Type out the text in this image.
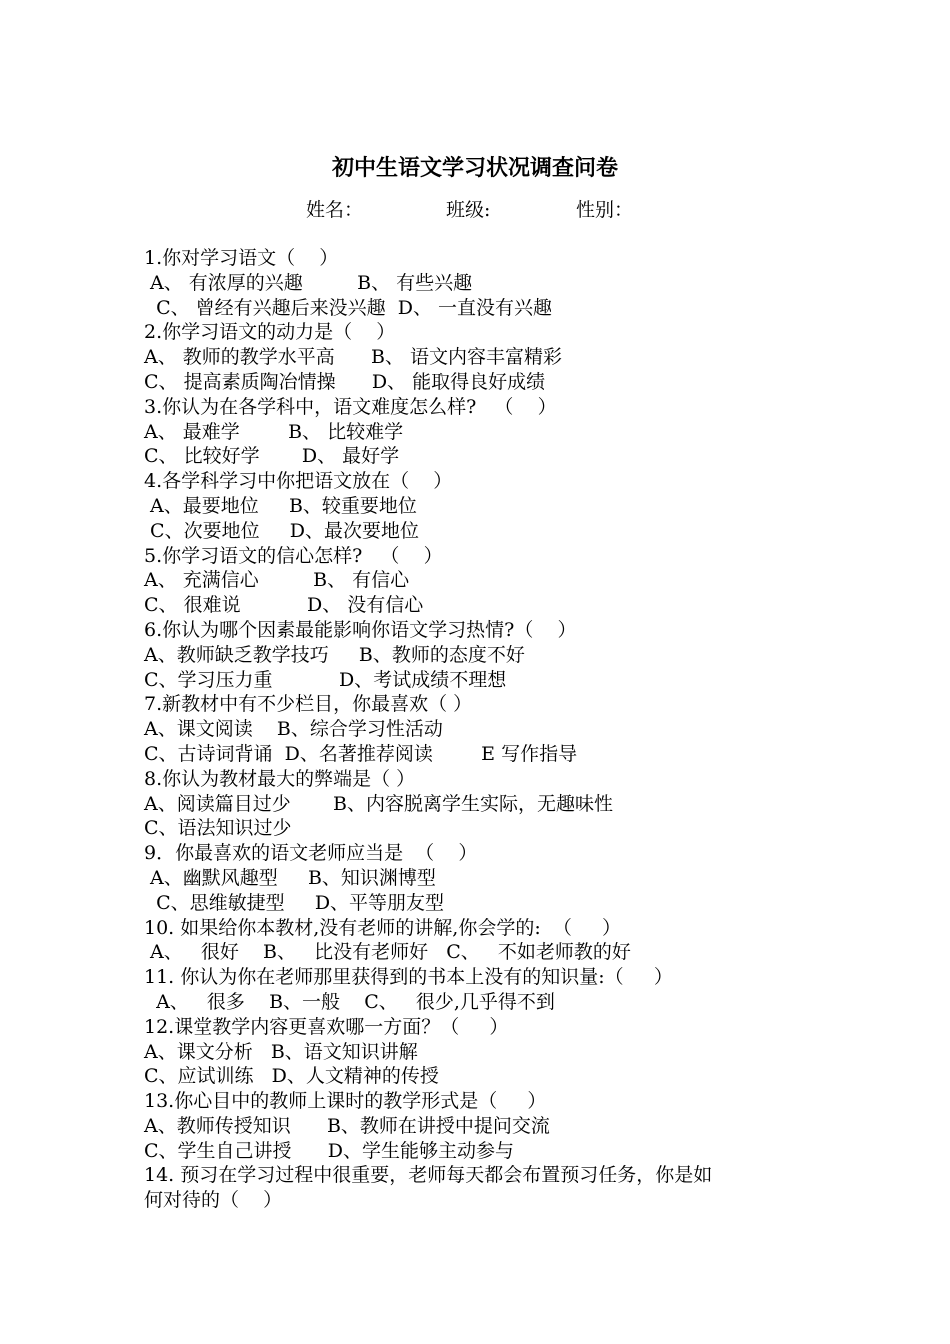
初中生语文学习状况调查问卷
姓名：	班级:	性别：
1.你对学习语文（    ）
A、 有浓厚的兴趣         B、 有些兴趣
C、 曾经有兴趣后来没兴趣  D、 一直没有兴趣
2.你学习语文的动力是（    ）
A、 教师的教学水平高      B、 语文内容丰富精彩
C、 提高素质陶冶情操      D、 能取得良好成绩
3.你认为在各学科中，语文难度怎么样?   （    ）
A、 最难学        B、 比较难学
C、 比较好学       D、 最好学
4.各学科学习中你把语文放在（    ）
A、最要地位     B、较重要地位
C、次要地位     D、最次要地位
5.你学习语文的信心怎样?   （    ）
A、 充满信心         B、 有信心
C、 很难说           D、 没有信心
6.你认为哪个因素最能影响你语文学习热情?（    ）
A、教师缺乏教学技巧     B、教师的态度不好
C、学习压力重           D、考试成绩不理想
7.新教材中有不少栏目，你最喜欢（ ）
A、课文阅读    B、综合学习性活动
C、古诗词背诵  D、名著推荐阅读        E 写作指导
8.你认为教材最大的弊端是（ ）
A、阅读篇目过少       B、内容脱离学生实际，无趣味性
C、语法知识过少
9．你最喜欢的语文老师应当是  （    ）
A、幽默风趣型     B、知识渊博型
C、思维敏捷型     D、平等朋友型
10. 如果给你本教材,没有老师的讲解,你会学的:  （     ）
A、   很好    B、   比没有老师好   C、   不如老师教的好
11. 你认为你在老师那里获得到的书本上没有的知识量:（     ）
A、   很多    B、一般    C、   很少,几乎得不到
12.课堂教学内容更喜欢哪一方面？（     ）
A、课文分析   B、语文知识讲解
C、应试训练   D、人文精神的传授
13.你心目中的教师上课时的教学形式是（     ）
A、教师传授知识      B、教师在讲授中提问交流
C、学生自己讲授      D、学生能够主动参与
14. 预习在学习过程中很重要，老师每天都会布置预习任务，你是如
何对待的（    ）
